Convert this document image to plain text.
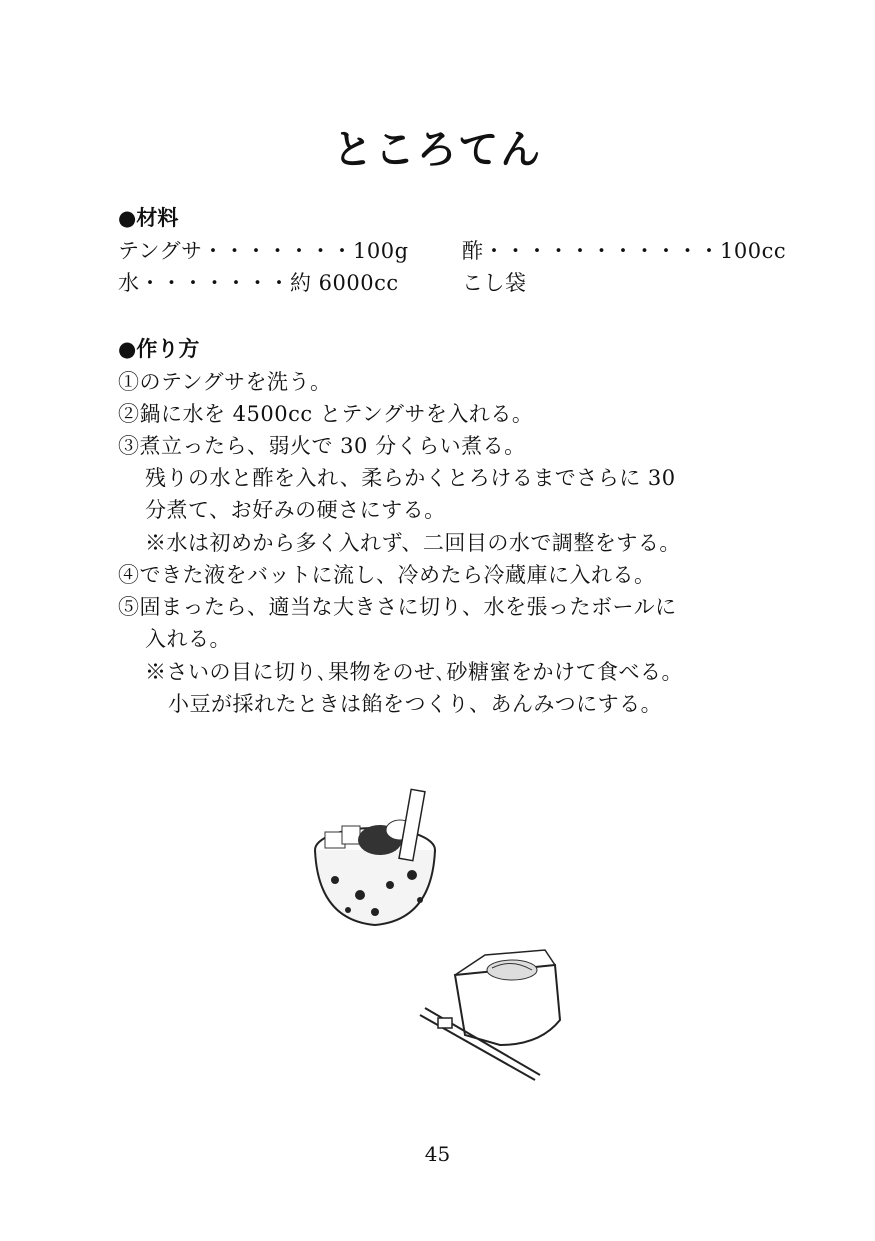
ところてん
●材料
テングサ・・・・・・・100g	酢・・・・・・・・・・・100cc
水・・・・・・・約 6000cc	こし袋
●作り方
①のテングサを洗う。
②鍋に水を 4500cc とテングサを入れる。
③煮立ったら、弱火で 30 分くらい煮る。
残りの水と酢を入れ、柔らかくとろけるまでさらに 30
分煮て、お好みの硬さにする。
※水は初めから多く入れず、二回目の水で調整をする。
④できた液をバットに流し、冷めたら冷蔵庫に入れる。
⑤固まったら、適当な大きさに切り、水を張ったボールに
入れる。
※さいの目に切り､果物をのせ､砂糖蜜をかけて食べる。
小豆が採れたときは餡をつくり、あんみつにする。
45
